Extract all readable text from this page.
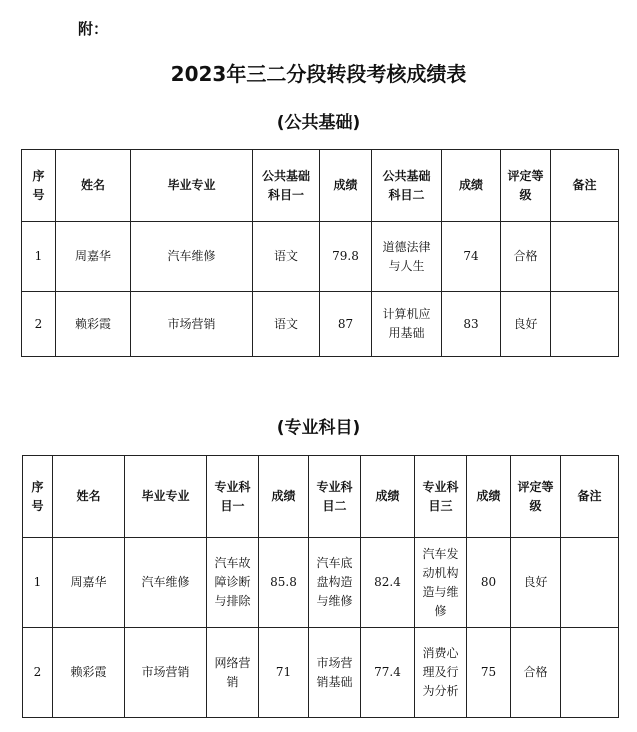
附：
2023年三二分段转段考核成绩表
(公共基础)
序号	姓名	毕业专业	公共基础科目一	成绩	公共基础科目二	成绩	评定等级	备注
1	周嘉华	汽车维修	语文	79.8	道德法律与人生	74	合格	
2	赖彩霞	市场营销	语文	87	计算机应用基础	83	良好	
(专业科目)
序号	姓名	毕业专业	专业科目一	成绩	专业科目二	成绩	专业科目三	成绩	评定等级	备注
1	周嘉华	汽车维修	汽车故障诊断与排除	85.8	汽车底盘构造与维修	82.4	汽车发动机构造与维修	80	良好	
2	赖彩霞	市场营销	网络营销	71	市场营销基础	77.4	消费心理及行为分析	75	合格	
